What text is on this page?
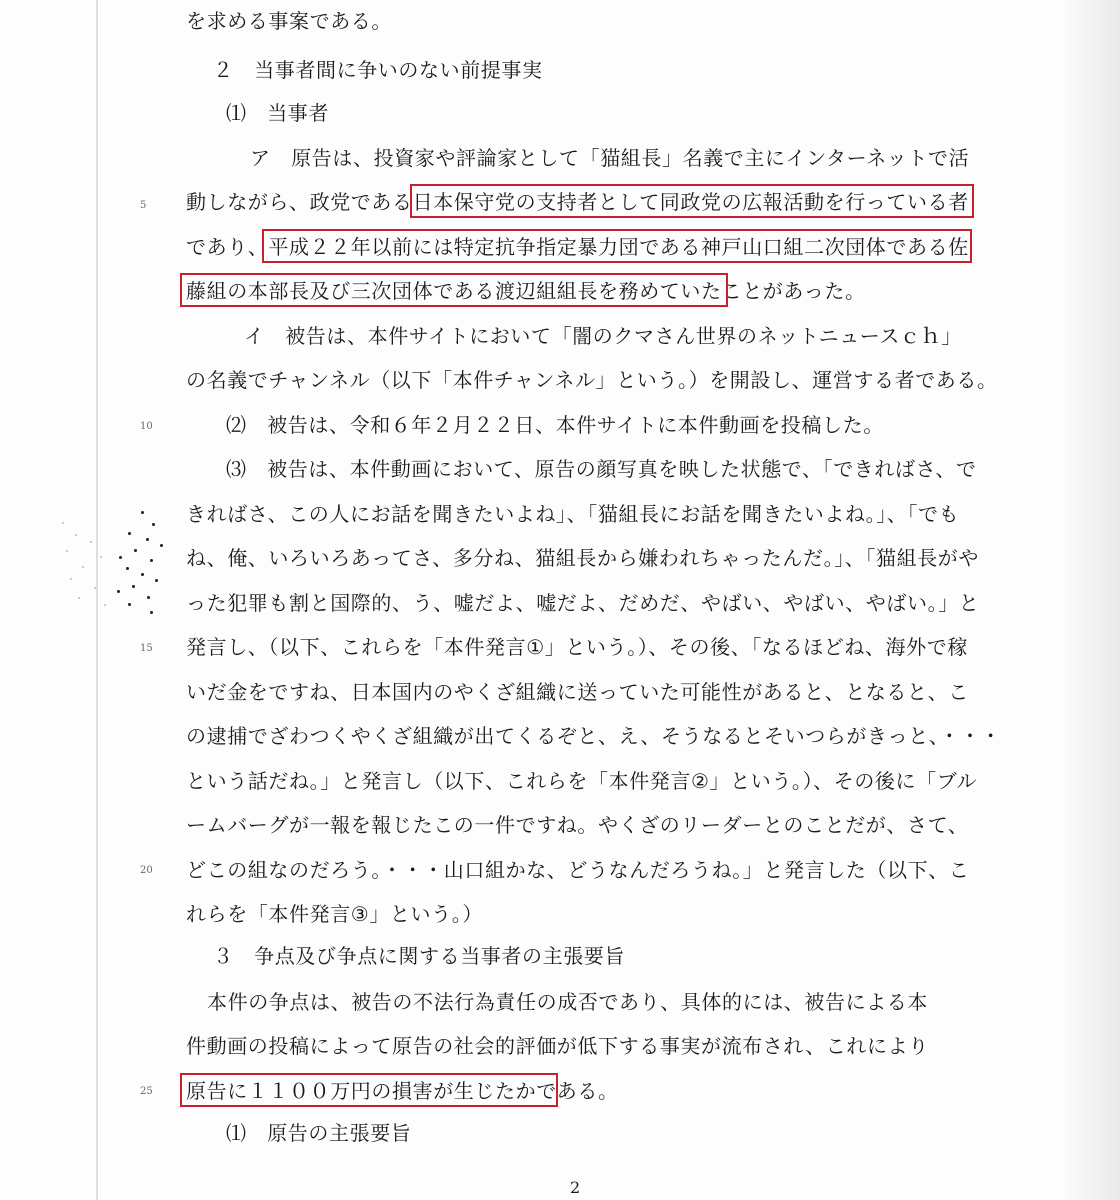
を求める事案である。
２　当事者間に争いのない前提事実
⑴　当事者
ア　原告は、投資家や評論家として「猫組長」名義で主にインターネットで活
動しながら、政党である日本保守党の支持者として同政党の広報活動を行っている者
であり、平成２２年以前には特定抗争指定暴力団である神戸山口組二次団体である佐
藤組の本部長及び三次団体である渡辺組組長を務めていたことがあった。
イ　被告は、本件サイトにおいて「闇のクマさん世界のネットニュースｃｈ」
の名義でチャンネル（以下「本件チャンネル」という。）を開設し、運営する者である。
⑵　被告は、令和６年２月２２日、本件サイトに本件動画を投稿した。
⑶　被告は、本件動画において、原告の顔写真を映した状態で、「できればさ、で
きればさ、この人にお話を聞きたいよね」、「猫組長にお話を聞きたいよね。」、「でも
ね、俺、いろいろあってさ、多分ね、猫組長から嫌われちゃったんだ。」、「猫組長がや
った犯罪も割と国際的、う、嘘だよ、嘘だよ、だめだ、やばい、やばい、やばい。」と
発言し、（以下、これらを「本件発言①」という。）、その後、「なるほどね、海外で稼
いだ金をですね、日本国内のやくざ組織に送っていた可能性があると、となると、こ
の逮捕でざわつくやくざ組織が出てくるぞと、え、そうなるとそいつらがきっと、・・・
という話だね。」と発言し（以下、これらを「本件発言②」という。）、その後に「ブル
ームバーグが一報を報じたこの一件ですね。やくざのリーダーとのことだが、さて、
どこの組なのだろう。・・・山口組かな、どうなんだろうね。」と発言した（以下、こ
れらを「本件発言③」という。）
３　争点及び争点に関する当事者の主張要旨
本件の争点は、被告の不法行為責任の成否であり、具体的には、被告による本
件動画の投稿によって原告の社会的評価が低下する事実が流布され、これにより
原告に１１００万円の損害が生じたかである。
⑴　原告の主張要旨
5
10
15
20
25
2
